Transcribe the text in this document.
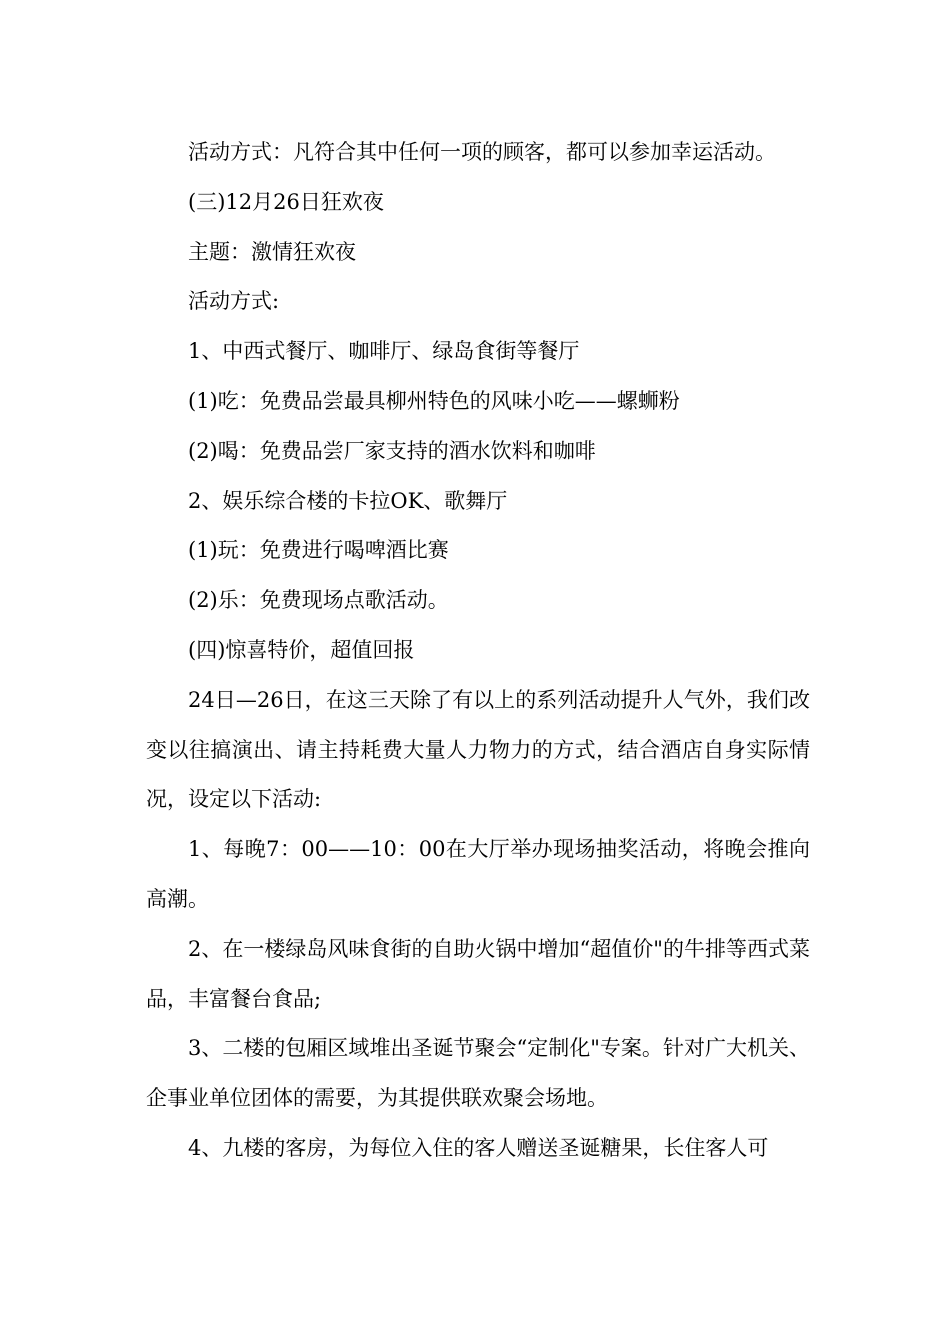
活动方式：凡符合其中任何一项的顾客，都可以参加幸运活动。

(三)12月26日狂欢夜

主题：激情狂欢夜

活动方式:

1、中西式餐厅、咖啡厅、绿岛食街等餐厅

(1)吃：免费品尝最具柳州特色的风味小吃——螺蛳粉

(2)喝：免费品尝厂家支持的酒水饮料和咖啡

2、娱乐综合楼的卡拉OK、歌舞厅

(1)玩：免费进行喝啤酒比赛

(2)乐：免费现场点歌活动。

(四)惊喜特价，超值回报

24日—26日，在这三天除了有以上的系列活动提升人气外，我们改变以往搞演出、请主持耗费大量人力物力的方式，结合酒店自身实际情况，设定以下活动:

1、每晚7：00——10：00在大厅举办现场抽奖活动，将晚会推向高潮。

2、在一楼绿岛风味食街的自助火锅中增加“超值价"的牛排等西式菜品，丰富餐台食品;

3、二楼的包厢区域堆出圣诞节聚会“定制化"专案。针对广大机关、企事业单位团体的需要，为其提供联欢聚会场地。

4、九楼的客房，为每位入住的客人赠送圣诞糖果，长住客人可
